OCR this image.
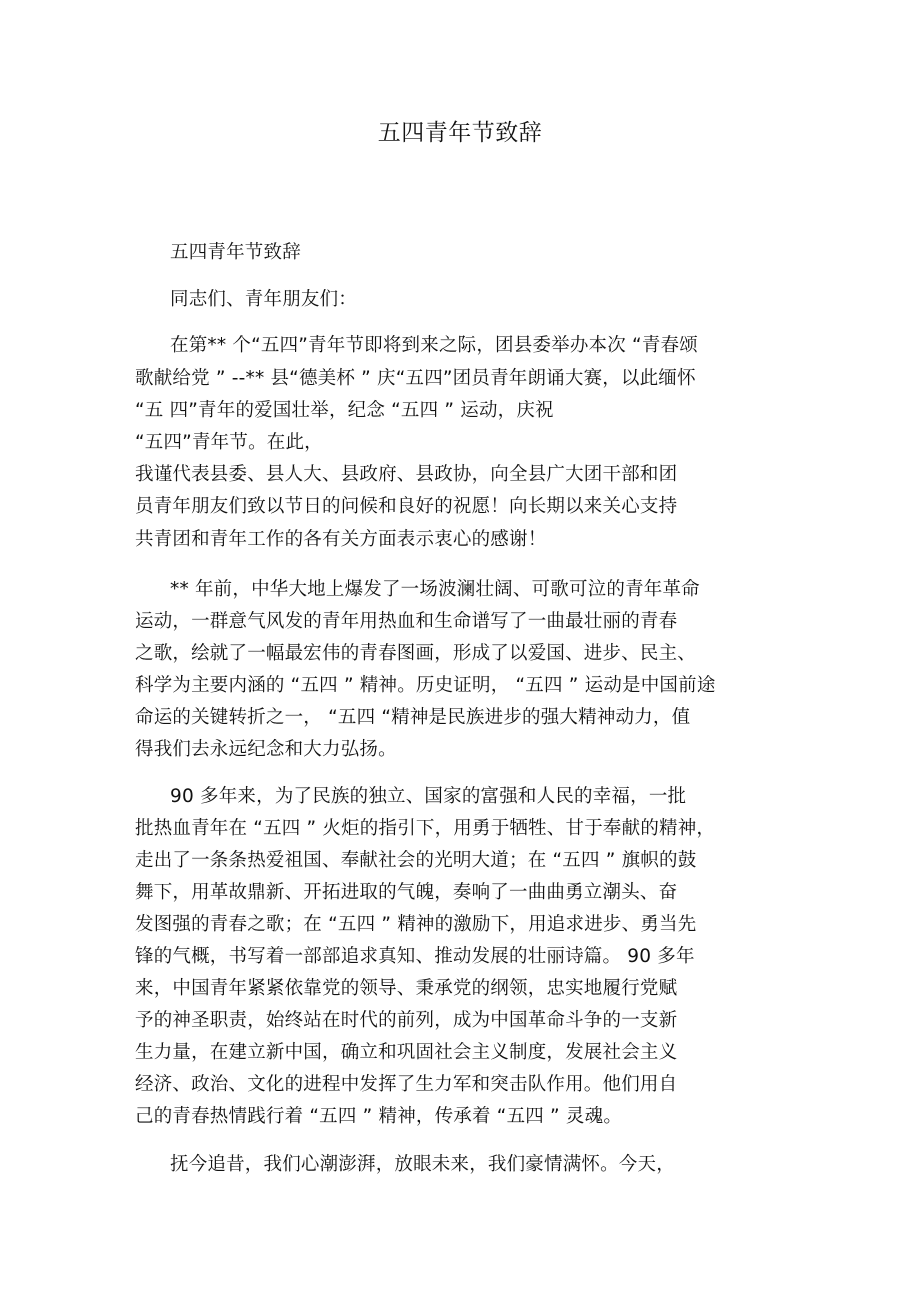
五四青年节致辞
五四青年节致辞
同志们、青年朋友们：
在第** 个“五四”青年节即将到来之际，团县委举办本次 “青春颂
歌献给党 ” --** 县“德美杯 ” 庆“五四”团员青年朗诵大赛，以此缅怀
“五 四”青年的爱国壮举，纪念 “五四 ” 运动，庆祝
“五四”青年节。在此，
我谨代表县委、县人大、县政府、县政协，向全县广大团干部和团
员青年朋友们致以节日的问候和良好的祝愿！向长期以来关心支持
共青团和青年工作的各有关方面表示衷心的感谢！
** 年前，中华大地上爆发了一场波澜壮阔、可歌可泣的青年革命
运动，一群意气风发的青年用热血和生命谱写了一曲最壮丽的青春
之歌，绘就了一幅最宏伟的青春图画，形成了以爱国、进步、民主、
科学为主要内涵的 “五四 ” 精神。历史证明， “五四 ” 运动是中国前途
命运的关键转折之一， “五四 “精神是民族进步的强大精神动力，值
得我们去永远纪念和大力弘扬。
90 多年来，为了民族的独立、国家的富强和人民的幸福，一批
批热血青年在 “五四 ” 火炬的指引下，用勇于牺牲、甘于奉献的精神，
走出了一条条热爱祖国、奉献社会的光明大道；在 “五四 ” 旗帜的鼓
舞下，用革故鼎新、开拓进取的气魄，奏响了一曲曲勇立潮头、奋
发图强的青春之歌；在 “五四 ” 精神的激励下，用追求进步、勇当先
锋的气概，书写着一部部追求真知、推动发展的壮丽诗篇。 90 多年
来，中国青年紧紧依靠党的领导、秉承党的纲领，忠实地履行党赋
予的神圣职责，始终站在时代的前列，成为中国革命斗争的一支新
生力量，在建立新中国，确立和巩固社会主义制度，发展社会主义
经济、政治、文化的进程中发挥了生力军和突击队作用。他们用自
己的青春热情践行着 “五四 ” 精神，传承着 “五四 ” 灵魂。
抚今追昔，我们心潮澎湃，放眼未来，我们豪情满怀。今天，
